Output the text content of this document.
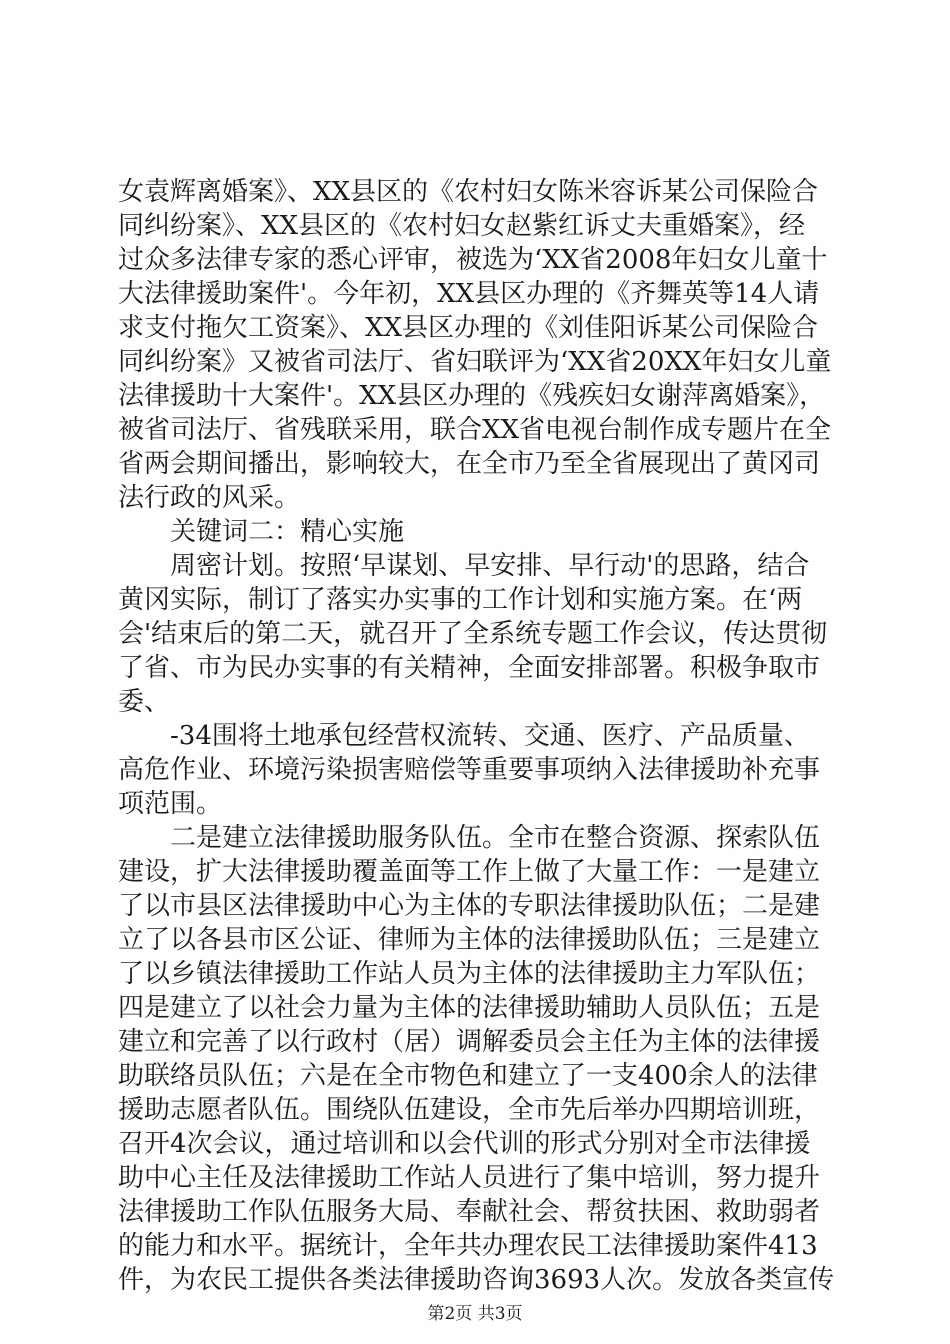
女袁辉离婚案》、XX县区的《农村妇女陈米容诉某公司保险合
同纠纷案》、XX县区的《农村妇女赵紫红诉丈夫重婚案》，经
过众多法律专家的悉心评审，被选为‘XX省2008年妇女儿童十
大法律援助案件'。今年初，XX县区办理的《齐舞英等14人请
求支付拖欠工资案》、XX县区办理的《刘佳阳诉某公司保险合
同纠纷案》又被省司法厅、省妇联评为‘XX省20XX年妇女儿童
法律援助十大案件'。XX县区办理的《残疾妇女谢萍离婚案》，
被省司法厅、省残联采用，联合XX省电视台制作成专题片在全
省两会期间播出，影响较大，在全市乃至全省展现出了黄冈司
法行政的风采。
关键词二：精心实施
周密计划。按照‘早谋划、早安排、早行动'的思路，结合
黄冈实际，制订了落实办实事的工作计划和实施方案。在‘两
会'结束后的第二天，就召开了全系统专题工作会议，传达贯彻
了省、市为民办实事的有关精神，全面安排部署。积极争取市
委、
-34围将土地承包经营权流转、交通、医疗、产品质量、
高危作业、环境污染损害赔偿等重要事项纳入法律援助补充事
项范围。
二是建立法律援助服务队伍。全市在整合资源、探索队伍
建设，扩大法律援助覆盖面等工作上做了大量工作：一是建立
了以市县区法律援助中心为主体的专职法律援助队伍；二是建
立了以各县市区公证、律师为主体的法律援助队伍；三是建立
了以乡镇法律援助工作站人员为主体的法律援助主力军队伍；
四是建立了以社会力量为主体的法律援助辅助人员队伍；五是
建立和完善了以行政村（居）调解委员会主任为主体的法律援
助联络员队伍；六是在全市物色和建立了一支400余人的法律
援助志愿者队伍。围绕队伍建设，全市先后举办四期培训班，
召开4次会议，通过培训和以会代训的形式分别对全市法律援
助中心主任及法律援助工作站人员进行了集中培训，努力提升
法律援助工作队伍服务大局、奉献社会、帮贫扶困、救助弱者
的能力和水平。据统计，全年共办理农民工法律援助案件413
件，为农民工提供各类法律援助咨询3693人次。发放各类宣传
第2页 共3页
